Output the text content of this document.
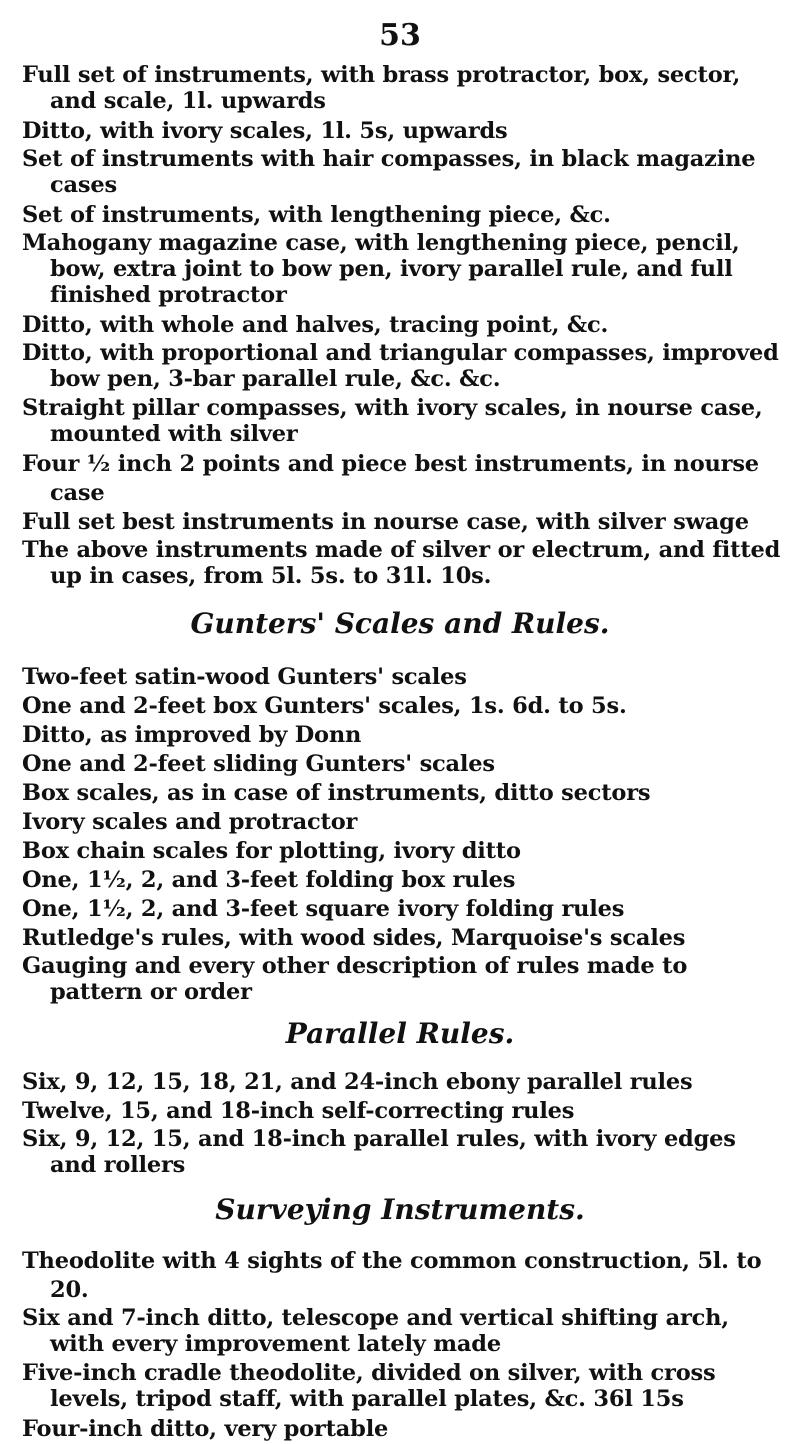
53
Full set of instruments, with brass protractor, box, sector, and scale, 1l. upwards
Ditto, with ivory scales, 1l. 5s, upwards
Set of instruments with hair compasses, in black magazine cases
Set of instruments, with lengthening piece, &c.
Mahogany magazine case, with lengthening piece, pencil, bow, extra joint to bow pen, ivory parallel rule, and full finished protractor
Ditto, with whole and halves, tracing point, &c.
Ditto, with proportional and triangular compasses, improved bow pen, 3-bar parallel rule, &c. &c.
Straight pillar compasses, with ivory scales, in nourse case, mounted with silver
Four ½ inch 2 points and piece best instruments, in nourse case
Full set best instruments in nourse case, with silver swage
The above instruments made of silver or electrum, and fitted up in cases, from 5l. 5s. to 31l. 10s.
Gunters' Scales and Rules.
Two-feet satin-wood Gunters' scales
One and 2-feet box Gunters' scales, 1s. 6d. to 5s.
Ditto, as improved by Donn
One and 2-feet sliding Gunters' scales
Box scales, as in case of instruments, ditto sectors
Ivory scales and protractor
Box chain scales for plotting, ivory ditto
One, 1½, 2, and 3-feet folding box rules
One, 1½, 2, and 3-feet square ivory folding rules
Rutledge's rules, with wood sides, Marquoise's scales
Gauging and every other description of rules made to pattern or order
Parallel Rules.
Six, 9, 12, 15, 18, 21, and 24-inch ebony parallel rules
Twelve, 15, and 18-inch self-correcting rules
Six, 9, 12, 15, and 18-inch parallel rules, with ivory edges and rollers
Surveying Instruments.
Theodolite with 4 sights of the common construction, 5l. to 20.
Six and 7-inch ditto, telescope and vertical shifting arch, with every improvement lately made
Five-inch cradle theodolite, divided on silver, with cross levels, tripod staff, with parallel plates, &c. 36l 15s
Four-inch ditto, very portable
